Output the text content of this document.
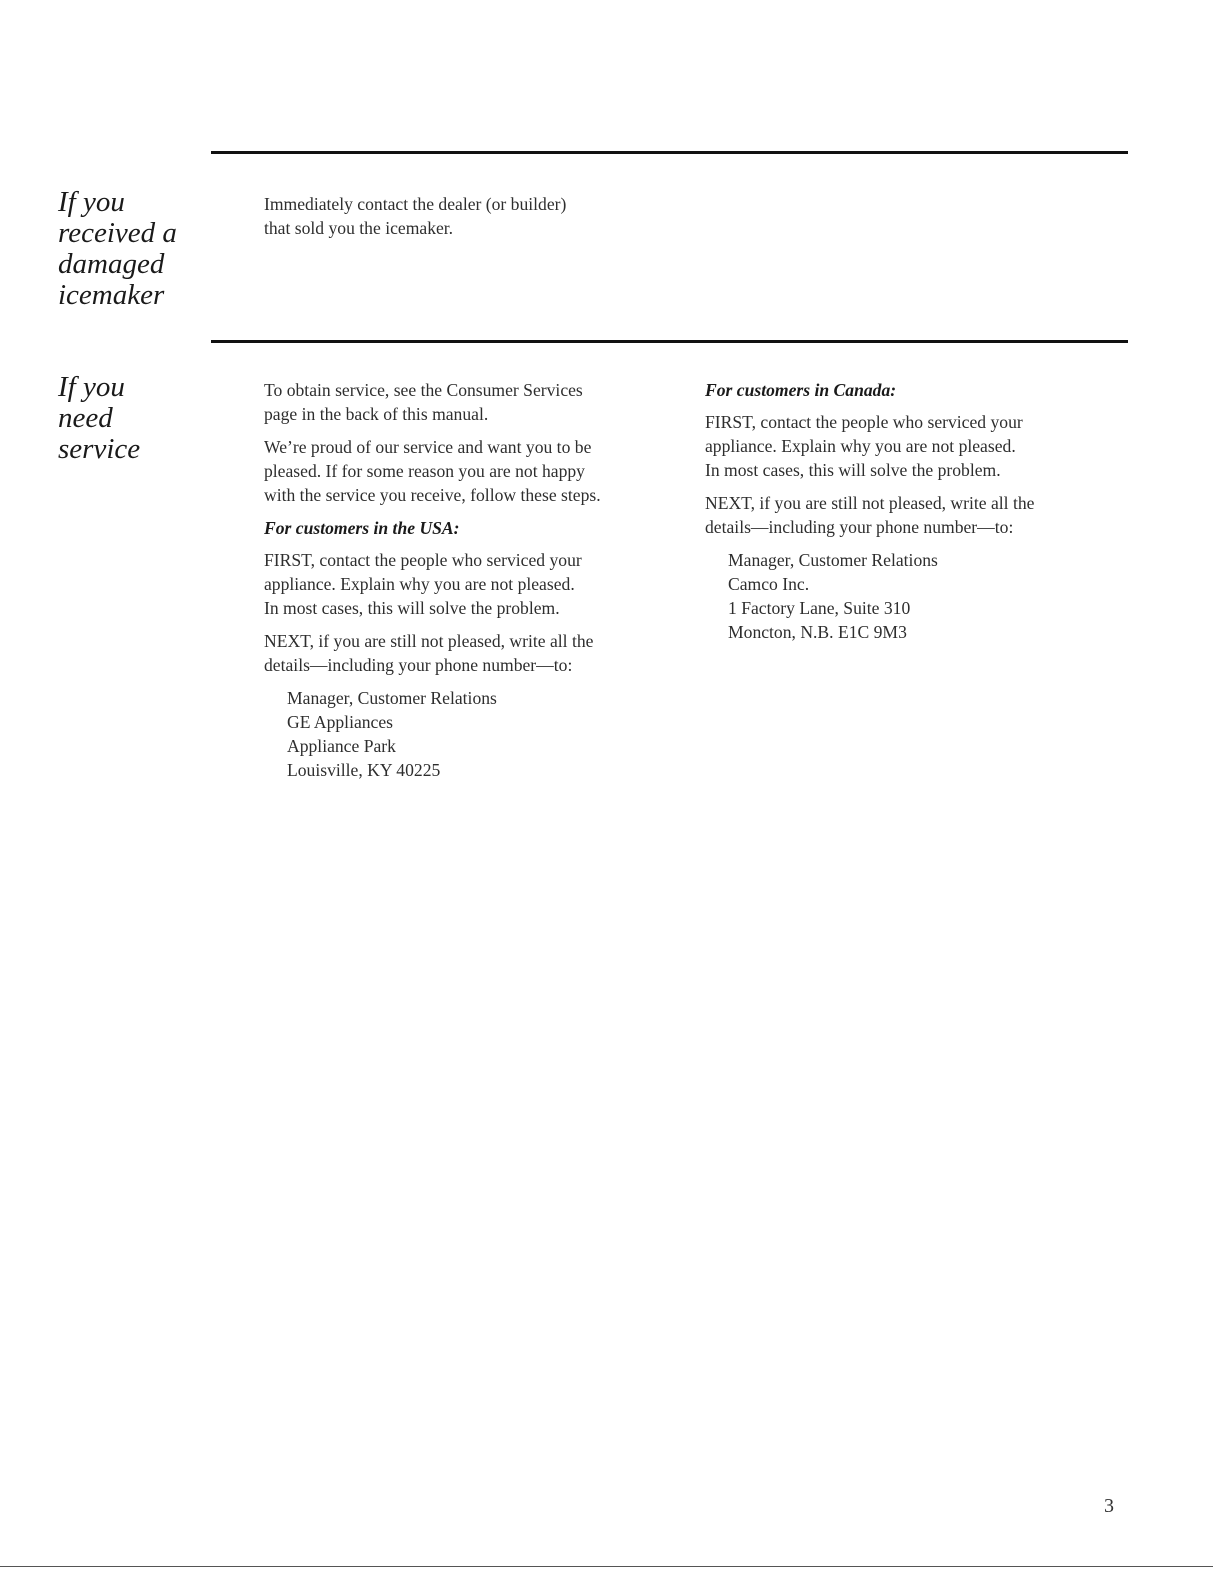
If you
received a
damaged
icemaker

Immediately contact the dealer (or builder)
that sold you the icemaker.

If you
need
service

To obtain service, see the Consumer Services
page in the back of this manual.

We’re proud of our service and want you to be
pleased. If for some reason you are not happy
with the service you receive, follow these steps.

For customers in the USA:

FIRST, contact the people who serviced your
appliance. Explain why you are not pleased.
In most cases, this will solve the problem.

NEXT, if you are still not pleased, write all the
details—including your phone number—to:

Manager, Customer Relations
GE Appliances
Appliance Park
Louisville, KY 40225

For customers in Canada:

FIRST, contact the people who serviced your
appliance. Explain why you are not pleased.
In most cases, this will solve the problem.

NEXT, if you are still not pleased, write all the
details—including your phone number—to:

Manager, Customer Relations
Camco Inc.
1 Factory Lane, Suite 310
Moncton, N.B. E1C 9M3
3
